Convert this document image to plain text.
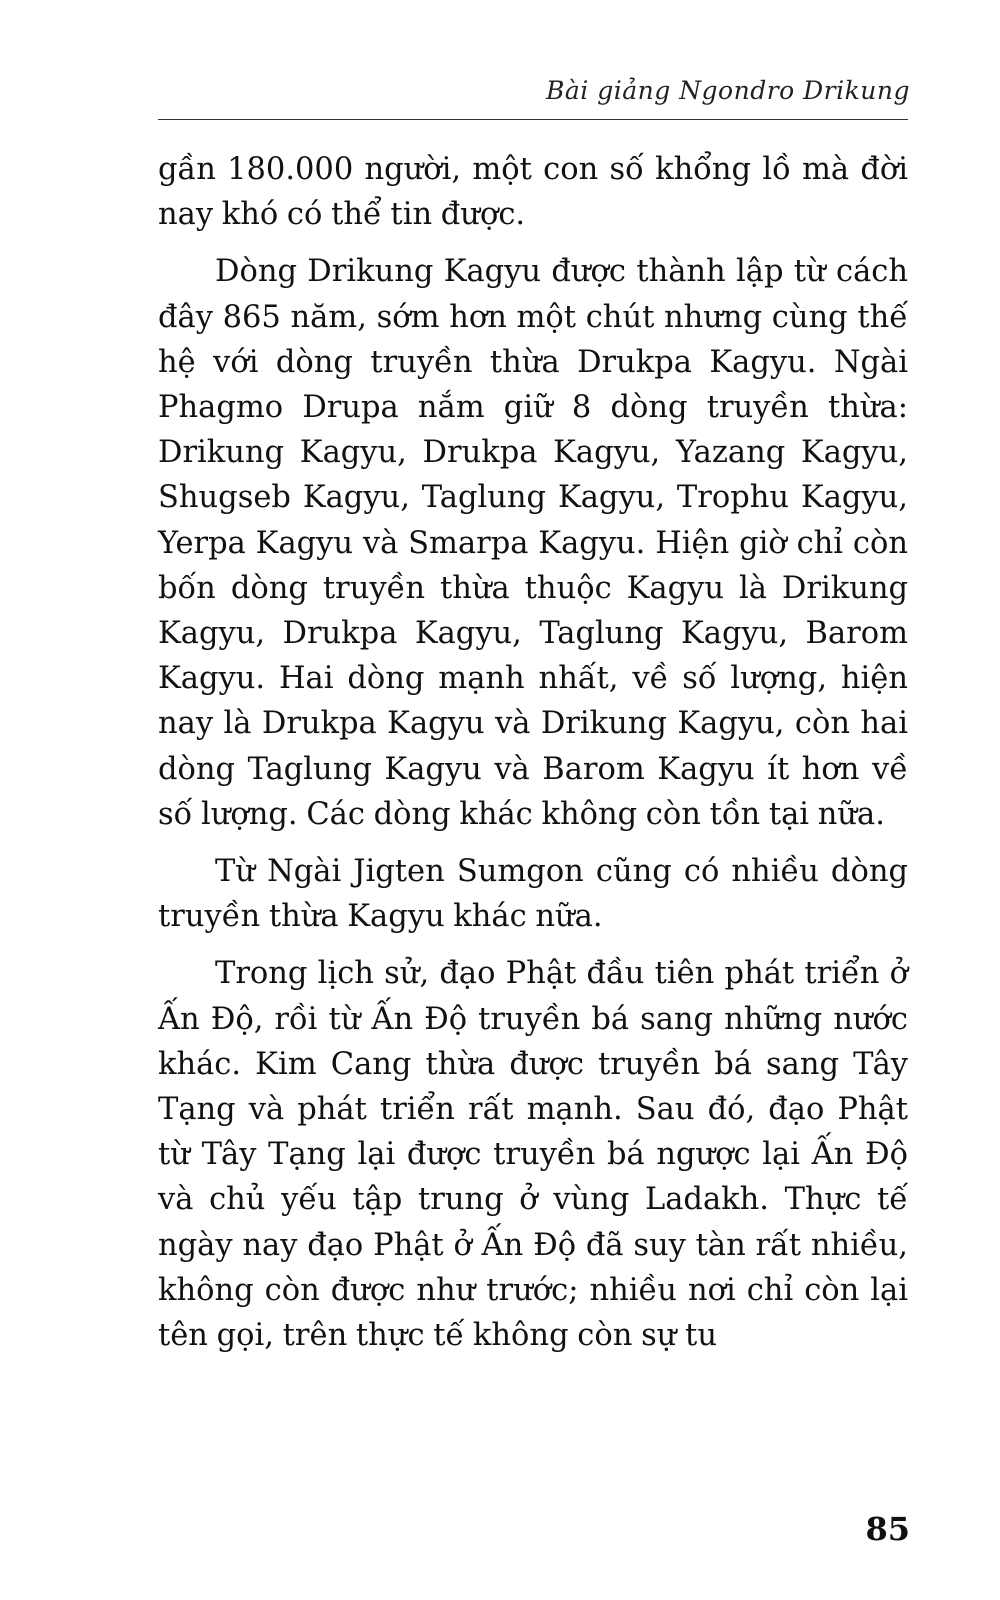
Bài giảng Ngondro Drikung

gần 180.000 người, một con số khổng lồ mà đời nay khó có thể tin được.

Dòng Drikung Kagyu được thành lập từ cách đây 865 năm, sớm hơn một chút nhưng cùng thế hệ với dòng truyền thừa Drukpa Kagyu. Ngài Phagmo Drupa nắm giữ 8 dòng truyền thừa: Drikung Kagyu, Drukpa Kagyu, Yazang Kagyu, Shugseb Kagyu, Taglung Kagyu, Trophu Kagyu, Yerpa Kagyu và Smarpa Kagyu. Hiện giờ chỉ còn bốn dòng truyền thừa thuộc Kagyu là Drikung Kagyu, Drukpa Kagyu, Taglung Kagyu, Barom Kagyu. Hai dòng mạnh nhất, về số lượng, hiện nay là Drukpa Kagyu và Drikung Kagyu, còn hai dòng Taglung Kagyu và Barom Kagyu ít hơn về số lượng. Các dòng khác không còn tồn tại nữa.

Từ Ngài Jigten Sumgon cũng có nhiều dòng truyền thừa Kagyu khác nữa.

Trong lịch sử, đạo Phật đầu tiên phát triển ở Ấn Độ, rồi từ Ấn Độ truyền bá sang những nước khác. Kim Cang thừa được truyền bá sang Tây Tạng và phát triển rất mạnh. Sau đó, đạo Phật từ Tây Tạng lại được truyền bá ngược lại Ấn Độ và chủ yếu tập trung ở vùng Ladakh. Thực tế ngày nay đạo Phật ở Ấn Độ đã suy tàn rất nhiều, không còn được như trước; nhiều nơi chỉ còn lại tên gọi, trên thực tế không còn sự tu

85
